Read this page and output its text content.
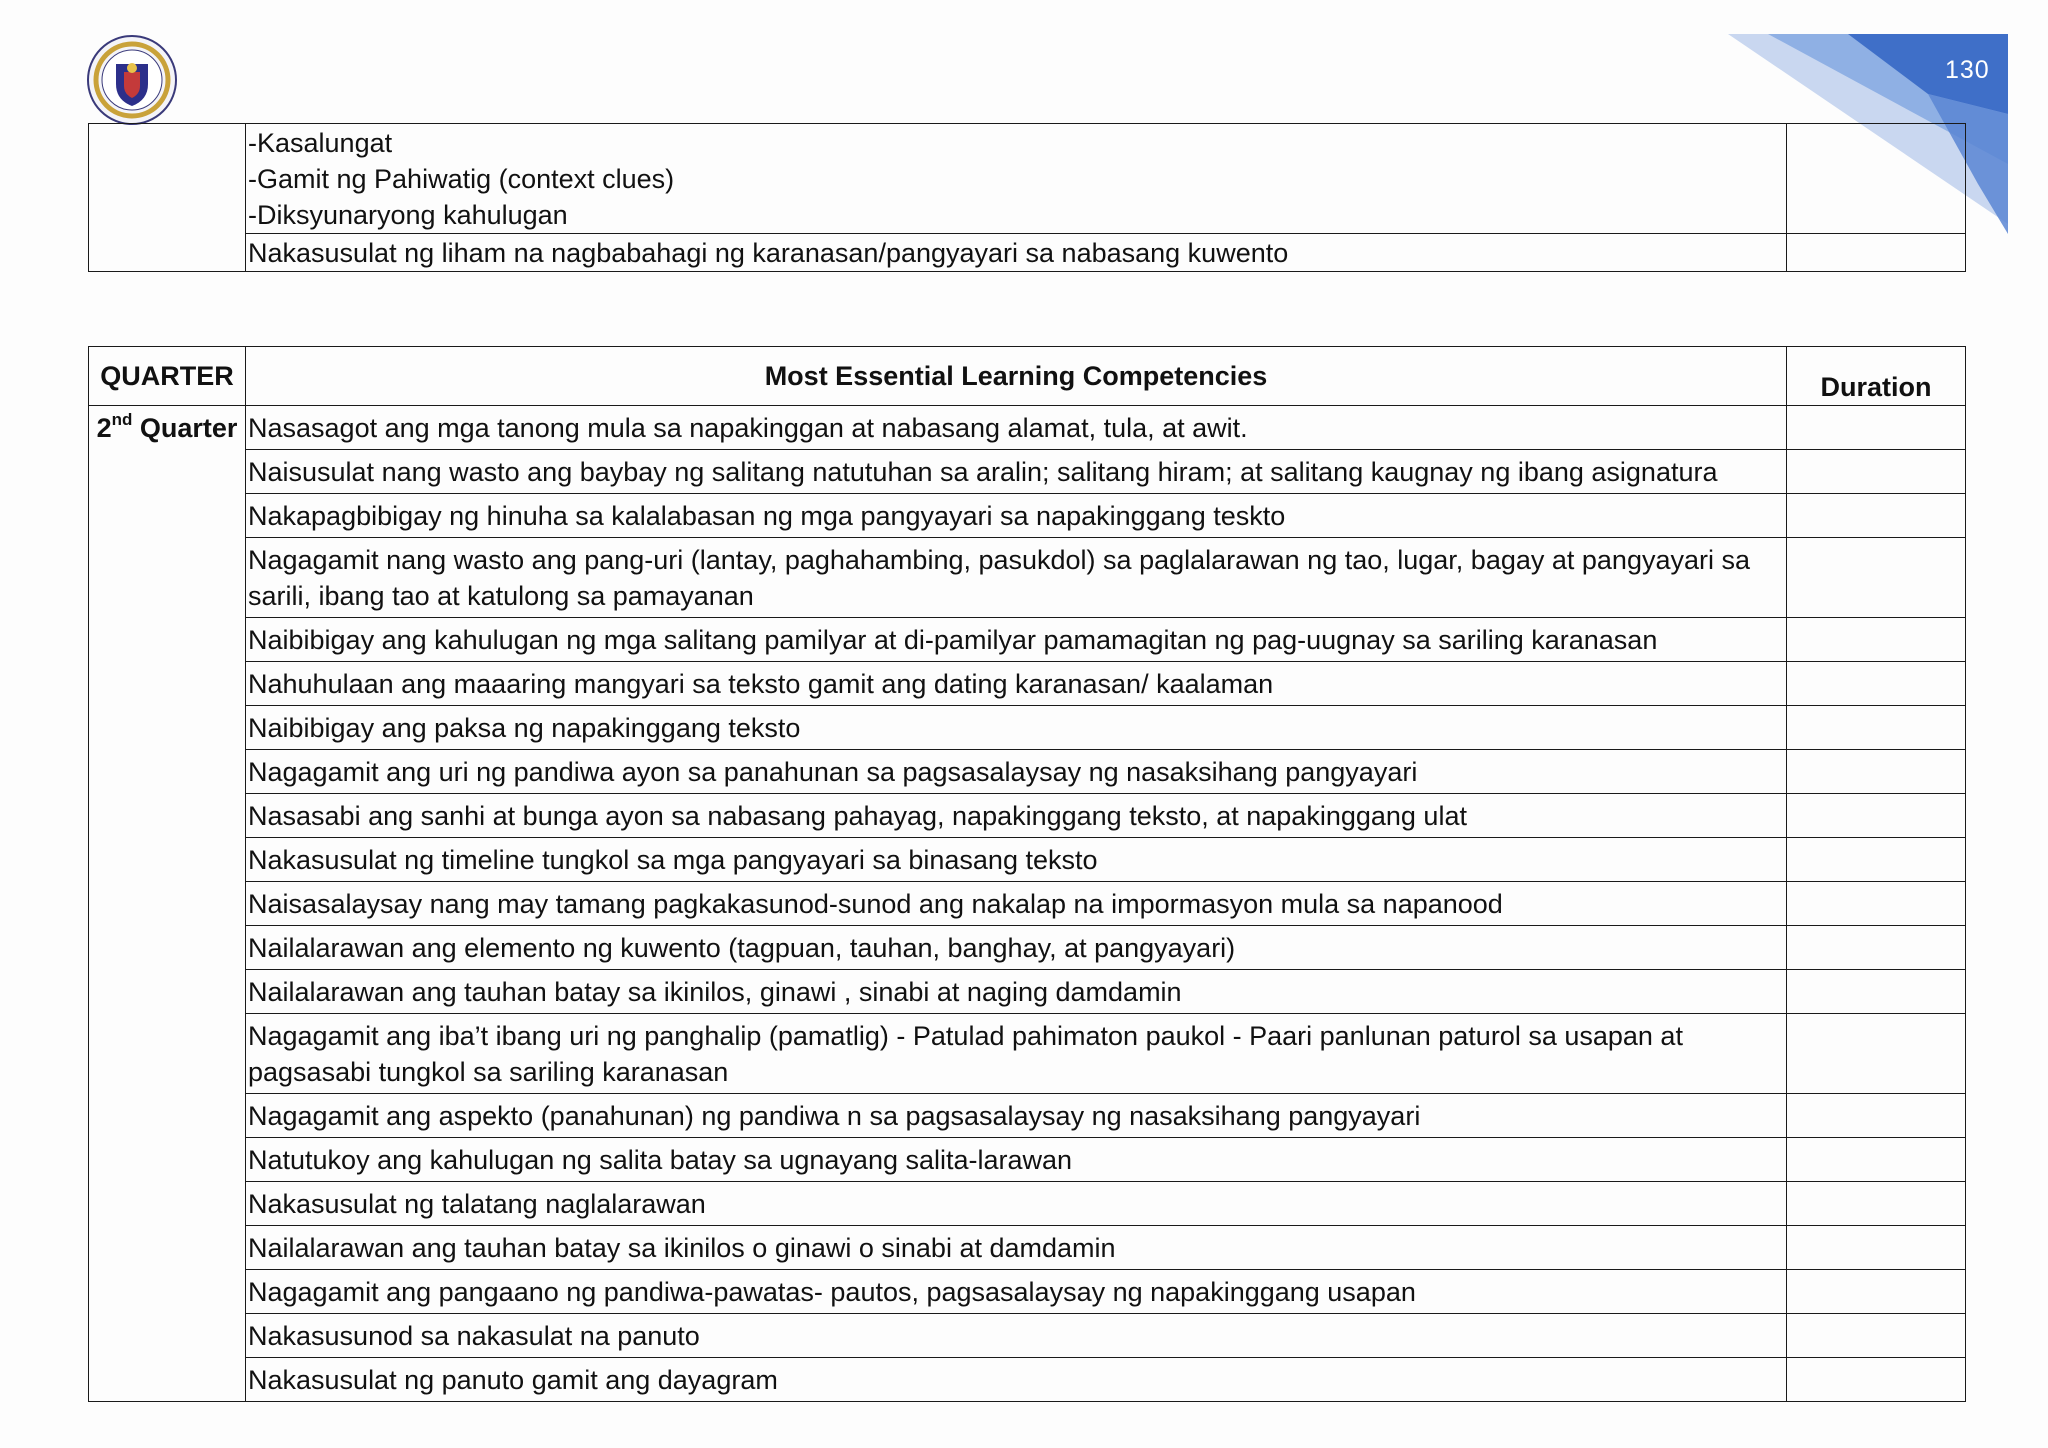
130

	-Kasalungat
-Gamit ng Pahiwatig (context clues)
-Diksyunaryong kahulugan	

	Nakasusulat ng liham na nagbabahagi ng karanasan/pangyayari sa nabasang kuwento	

QUARTER	Most Essential Learning Competencies	Duration
2nd Quarter	Nasasagot ang mga tanong mula sa napakinggan at nabasang alamat, tula, at awit.	
	Naisusulat nang wasto ang baybay ng salitang natutuhan sa aralin; salitang hiram; at salitang kaugnay ng ibang asignatura	
	Nakapagbibigay ng hinuha sa kalalabasan ng mga pangyayari sa napakinggang teskto	
	Nagagamit nang wasto ang pang-uri (lantay, paghahambing, pasukdol) sa paglalarawan ng tao, lugar, bagay at pangyayari sa sarili, ibang tao at katulong sa pamayanan	
	Naibibigay ang kahulugan ng mga salitang pamilyar at di-pamilyar pamamagitan ng pag-uugnay sa sariling karanasan	
	Nahuhulaan ang maaaring mangyari sa teksto gamit ang dating karanasan/ kaalaman	
	Naibibigay ang paksa ng napakinggang teksto	
	Nagagamit ang uri ng pandiwa ayon sa panahunan sa pagsasalaysay ng nasaksihang pangyayari	
	Nasasabi ang sanhi at bunga ayon sa nabasang pahayag, napakinggang teksto, at napakinggang ulat	
	Nakasusulat ng timeline tungkol sa mga pangyayari sa binasang teksto	
	Naisasalaysay nang may tamang pagkakasunod-sunod ang nakalap na impormasyon mula sa napanood	
	Nailalarawan ang elemento ng kuwento (tagpuan, tauhan, banghay, at pangyayari)	
	Nailalarawan ang tauhan batay sa ikinilos, ginawi , sinabi at naging damdamin	
	Nagagamit ang iba’t ibang uri ng panghalip (pamatlig) - Patulad pahimaton paukol - Paari panlunan paturol sa usapan at pagsasabi tungkol sa sariling karanasan	
	Nagagamit ang aspekto (panahunan) ng pandiwa n sa pagsasalaysay ng nasaksihang pangyayari	
	Natutukoy ang kahulugan ng salita batay sa ugnayang salita-larawan	
	Nakasusulat ng talatang naglalarawan	
	Nailalarawan ang tauhan batay sa ikinilos o ginawi o sinabi at damdamin	
	Nagagamit ang pangaano ng pandiwa-pawatas- pautos, pagsasalaysay ng napakinggang usapan	
	Nakasusunod sa nakasulat na panuto	
	Nakasusulat ng panuto gamit ang dayagram	
